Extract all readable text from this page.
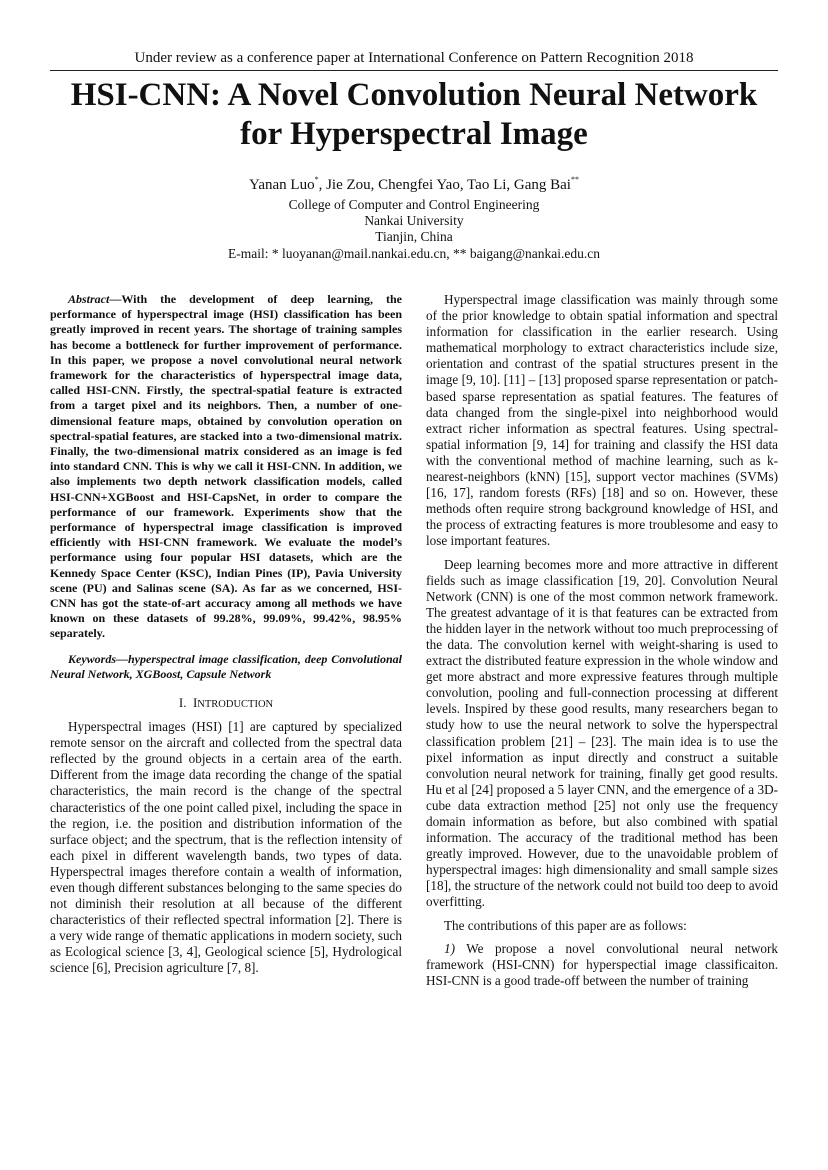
Under review as a conference paper at International Conference on Pattern Recognition 2018
HSI-CNN: A Novel Convolution Neural Network
for Hyperspectral Image
Yanan Luo*, Jie Zou, Chengfei Yao, Tao Li, Gang Bai**
College of Computer and Control Engineering
Nankai University
Tianjin, China
E-mail: * luoyanan@mail.nankai.edu.cn, ** baigang@nankai.edu.cn

Abstract—With the development of deep learning, the performance of hyperspectral image (HSI) classification has been greatly improved in recent years. The shortage of training samples has become a bottleneck for further improvement of performance. In this paper, we propose a novel convolutional neural network framework for the characteristics of hyperspectral image data, called HSI-CNN. Firstly, the spectral-spatial feature is extracted from a target pixel and its neighbors. Then, a number of one-dimensional feature maps, obtained by convolution operation on spectral-spatial features, are stacked into a two-dimensional matrix. Finally, the two-dimensional matrix considered as an image is fed into standard CNN. This is why we call it HSI-CNN. In addition, we also implements two depth network classification models, called HSI-CNN+XGBoost and HSI-CapsNet, in order to compare the performance of our framework. Experiments show that the performance of hyperspectral image classification is improved efficiently with HSI-CNN framework. We evaluate the model’s performance using four popular HSI datasets, which are the Kennedy Space Center (KSC), Indian Pines (IP), Pavia University scene (PU) and Salinas scene (SA). As far as we concerned, HSI-CNN has got the state-of-art accuracy among all methods we have known on these datasets of 99.28%, 99.09%, 99.42%, 98.95% separately.

Keywords—hyperspectral image classification, deep Convolutional Neural Network, XGBoost, Capsule Network

I. INTRODUCTION

Hyperspectral images (HSI) [1] are captured by specialized remote sensor on the aircraft and collected from the spectral data reflected by the ground objects in a certain area of the earth. Different from the image data recording the change of the spatial characteristics, the main record is the change of the spectral characteristics of the one point called pixel, including the space in the region, i.e. the position and distribution information of the surface object; and the spectrum, that is the reflection intensity of each pixel in different wavelength bands, two types of data. Hyperspectral images therefore contain a wealth of information, even though different substances belonging to the same species do not diminish their resolution at all because of the different characteristics of their reflected spectral information [2]. There is a very wide range of thematic applications in modern society, such as Ecological science [3, 4], Geological science [5], Hydrological science [6], Precision agriculture [7, 8].

Hyperspectral image classification was mainly through some of the prior knowledge to obtain spatial information and spectral information for classification in the earlier research. Using mathematical morphology to extract characteristics include size, orientation and contrast of the spatial structures present in the image [9, 10]. [11] – [13] proposed sparse representation or patch-based sparse representation as spatial features. The features of data changed from the single-pixel into neighborhood would extract richer information as spectral features. Using spectral-spatial information [9, 14] for training and classify the HSI data with the conventional method of machine learning, such as k-nearest-neighbors (kNN) [15], support vector machines (SVMs) [16, 17], random forests (RFs) [18] and so on. However, these methods often require strong background knowledge of HSI, and the process of extracting features is more troublesome and easy to lose important features.

Deep learning becomes more and more attractive in different fields such as image classification [19, 20]. Convolution Neural Network (CNN) is one of the most common network framework. The greatest advantage of it is that features can be extracted from the hidden layer in the network without too much preprocessing of the data. The convolution kernel with weight-sharing is used to extract the distributed feature expression in the whole window and get more abstract and more expressive features through multiple convolution, pooling and full-connection processing at different levels. Inspired by these good results, many researchers began to study how to use the neural network to solve the hyperspectral classification problem [21] – [23]. The main idea is to use the pixel information as input directly and construct a suitable convolution neural network for training, finally get good results. Hu et al [24] proposed a 5 layer CNN, and the emergence of a 3D-cube data extraction method [25] not only use the frequency domain information as before, but also combined with spatial information. The accuracy of the traditional method has been greatly improved. However, due to the unavoidable problem of hyperspectral images: high dimensionality and small sample sizes [18], the structure of the network could not build too deep to avoid overfitting.

The contributions of this paper are as follows:

1) We propose a novel convolutional neural network framework (HSI-CNN) for hyperspectial image classificaiton. HSI-CNN is a good trade-off between the number of training
